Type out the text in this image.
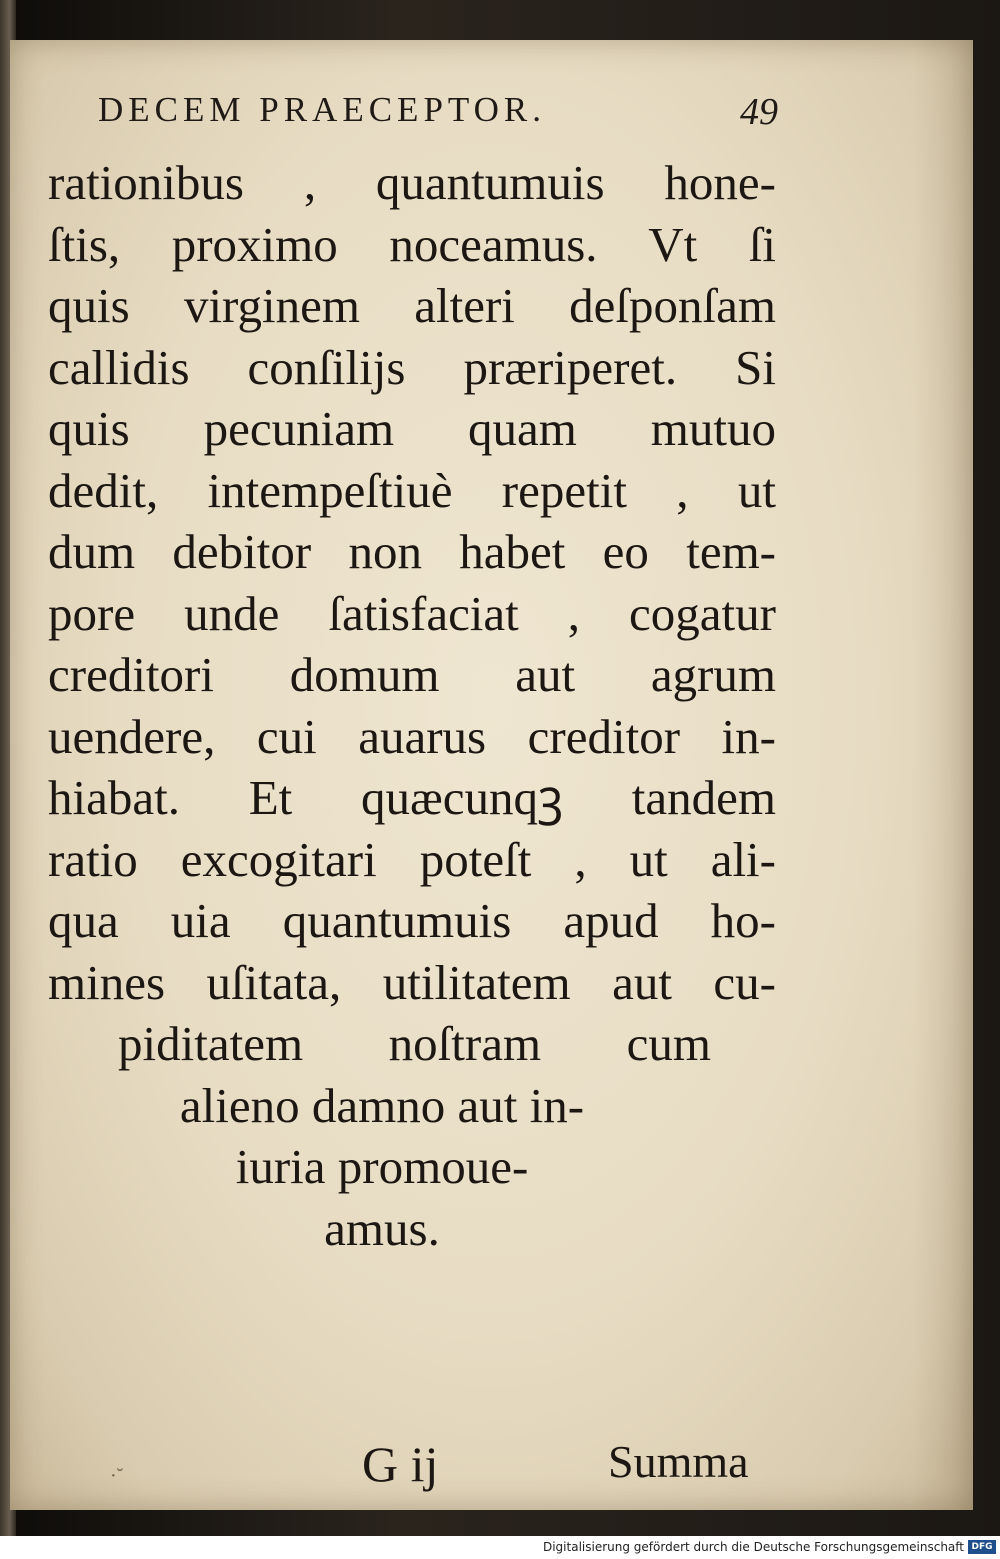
DECEM PRAECEPTOR.	49
rationibus , quantumuis hone-
ſtis, proximo noceamus. Vt ſi
quis virginem alteri deſponſam
callidis conſilijs præriperet. Si
quis pecuniam quam mutuo
dedit, intempeſtiuè repetit , ut
dum debitor non habet eo tem-
pore unde ſatisfaciat , cogatur
creditori domum aut agrum
uendere, cui auarus creditor in-
hiabat. Et quæcunqꝫ tandem
ratio excogitari poteſt , ut ali-
qua uia quantumuis apud ho-
mines uſitata, utilitatem aut cu-
piditatem noſtram cum
alieno damno aut in-
iuria promoue-
amus.
·˘	G ij	Summa
Digitalisierung gefördert durch die Deutsche Forschungsgemeinschaft DFG
